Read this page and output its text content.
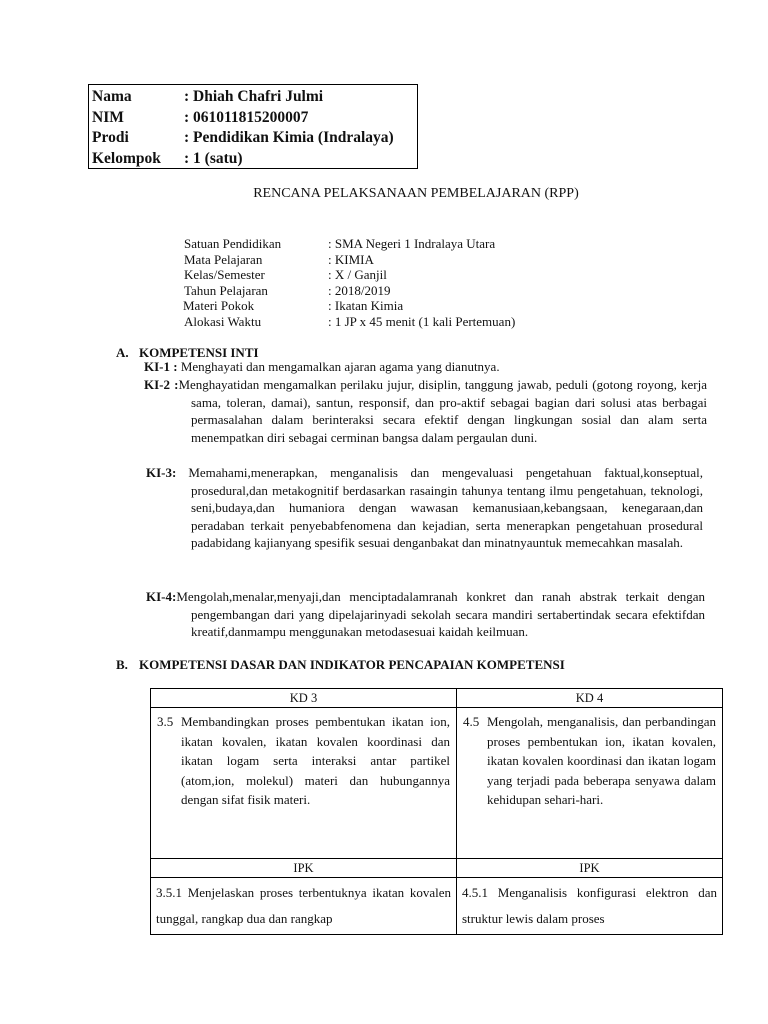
Nama	: Dhiah Chafri Julmi
NIM	: 061011815200007
Prodi	: Pendidikan Kimia (Indralaya)
Kelompok	: 1 (satu)
RENCANA PELAKSANAAN PEMBELAJARAN (RPP)
Satuan Pendidikan	: SMA Negeri 1 Indralaya Utara
Mata Pelajaran	: KIMIA
Kelas/Semester	: X / Ganjil
Tahun Pelajaran	: 2018/2019
Materi Pokok	: Ikatan Kimia
Alokasi Waktu	: 1 JP x 45 menit (1 kali Pertemuan)
A. KOMPETENSI INTI
KI-1 : Menghayati dan mengamalkan ajaran agama yang dianutnya.
KI-2 :Menghayatidan mengamalkan perilaku jujur, disiplin, tanggung jawab, peduli (gotong royong, kerja sama, toleran, damai), santun, responsif, dan pro-aktif sebagai bagian dari solusi atas berbagai permasalahan dalam berinteraksi secara efektif dengan lingkungan sosial dan alam serta menempatkan diri sebagai cerminan bangsa dalam pergaulan duni.
KI-3: Memahami,menerapkan, menganalisis dan mengevaluasi pengetahuan faktual,konseptual, prosedural,dan metakognitif berdasarkan rasaingin tahunya tentang ilmu pengetahuan, teknologi, seni,budaya,dan humaniora dengan wawasan kemanusiaan,kebangsaan, kenegaraan,dan peradaban terkait penyebabfenomena dan kejadian, serta menerapkan pengetahuan prosedural padabidang kajianyang spesifik sesuai denganbakat dan minatnyauntuk memecahkan masalah.
KI-4:Mengolah,menalar,menyaji,dan menciptadalamranah konkret dan ranah abstrak terkait dengan pengembangan dari yang dipelajarinyadi sekolah secara mandiri sertabertindak secara efektifdan kreatif,danmampu menggunakan metodasesuai kaidah keilmuan.
B. KOMPETENSI DASAR DAN INDIKATOR PENCAPAIAN KOMPETENSI
KD 3	KD 4

3.5 Membandingkan proses pembentukan ikatan ion, ikatan kovalen, ikatan kovalen koordinasi dan ikatan logam serta interaksi antar partikel (atom,ion, molekul) materi dan hubungannya dengan sifat fisik materi.	4.5 Mengolah, menganalisis, dan perbandingan proses pembentukan ion, ikatan kovalen, ikatan kovalen koordinasi dan ikatan logam yang terjadi pada beberapa senyawa dalam kehidupan sehari-hari.

IPK	IPK

3.5.1 Menjelaskan proses terbentuknya ikatan kovalen tunggal, rangkap dua dan rangkap	4.5.1 Menganalisis konfigurasi elektron dan struktur lewis dalam proses
